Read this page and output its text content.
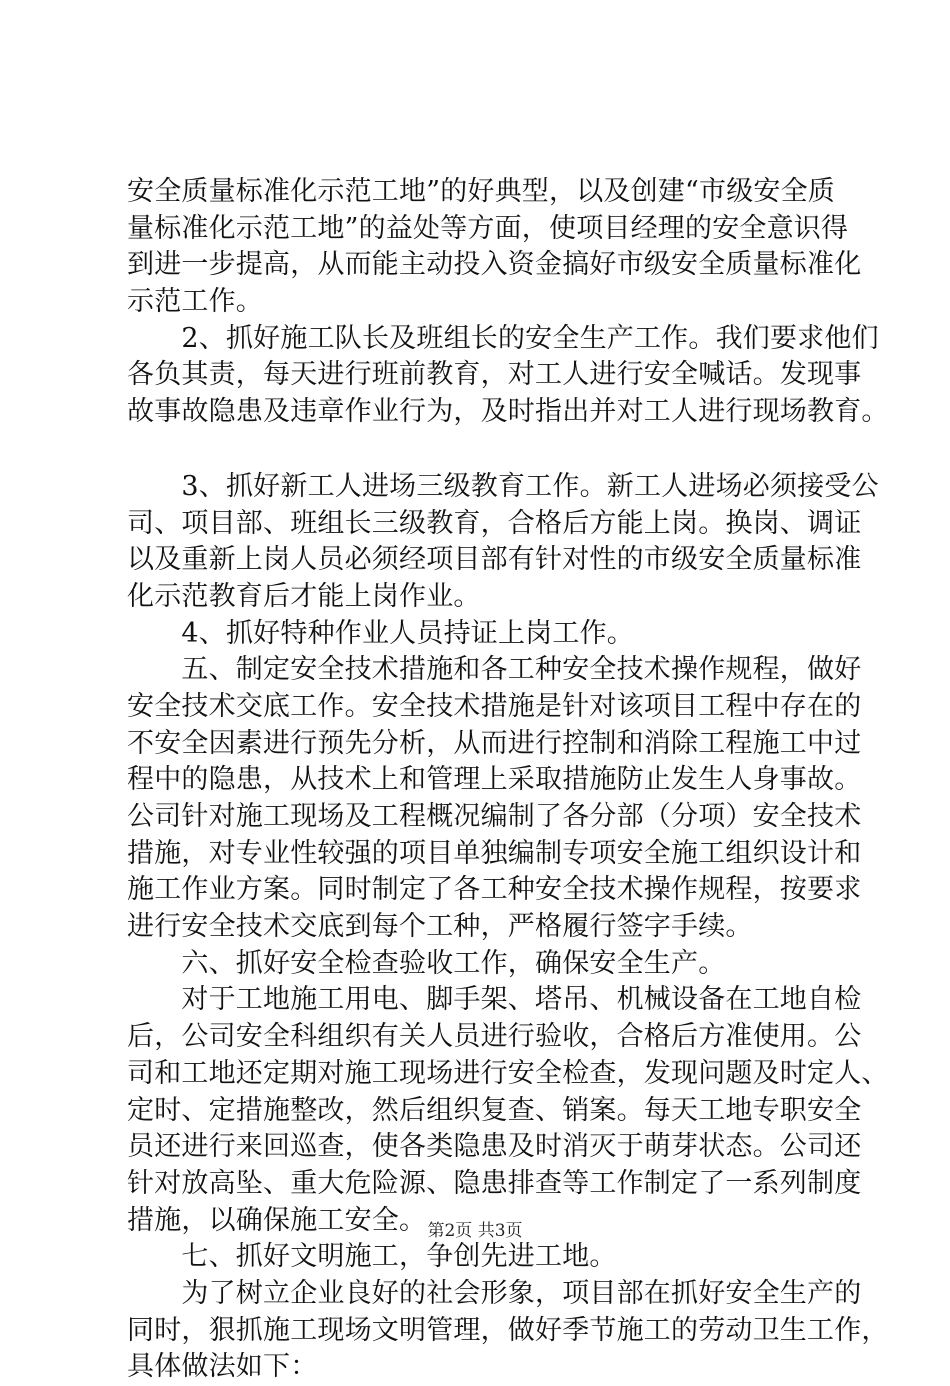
安全质量标准化示范工地”的好典型，以及创建“市级安全质
量标准化示范工地”的益处等方面，使项目经理的安全意识得
到进一步提高，从而能主动投入资金搞好市级安全质量标准化
示范工作。
　　2、抓好施工队长及班组长的安全生产工作。我们要求他们
各负其责，每天进行班前教育，对工人进行安全喊话。发现事
故事故隐患及违章作业行为，及时指出并对工人进行现场教育。
　　3、抓好新工人进场三级教育工作。新工人进场必须接受公
司、项目部、班组长三级教育，合格后方能上岗。换岗、调证
以及重新上岗人员必须经项目部有针对性的市级安全质量标准
化示范教育后才能上岗作业。
　　4、抓好特种作业人员持证上岗工作。
　　五、制定安全技术措施和各工种安全技术操作规程，做好
安全技术交底工作。安全技术措施是针对该项目工程中存在的
不安全因素进行预先分析，从而进行控制和消除工程施工中过
程中的隐患，从技术上和管理上采取措施防止发生人身事故。
公司针对施工现场及工程概况编制了各分部（分项）安全技术
措施，对专业性较强的项目单独编制专项安全施工组织设计和
施工作业方案。同时制定了各工种安全技术操作规程，按要求
进行安全技术交底到每个工种，严格履行签字手续。
　　六、抓好安全检查验收工作，确保安全生产。
　　对于工地施工用电、脚手架、塔吊、机械设备在工地自检
后，公司安全科组织有关人员进行验收，合格后方准使用。公
司和工地还定期对施工现场进行安全检查，发现问题及时定人、
定时、定措施整改，然后组织复查、销案。每天工地专职安全
员还进行来回巡查，使各类隐患及时消灭于萌芽状态。公司还
针对放高坠、重大危险源、隐患排查等工作制定了一系列制度
措施，以确保施工安全。
　　七、抓好文明施工，争创先进工地。
　　为了树立企业良好的社会形象，项目部在抓好安全生产的
同时，狠抓施工现场文明管理，做好季节施工的劳动卫生工作，
具体做法如下：
第2页 共3页
